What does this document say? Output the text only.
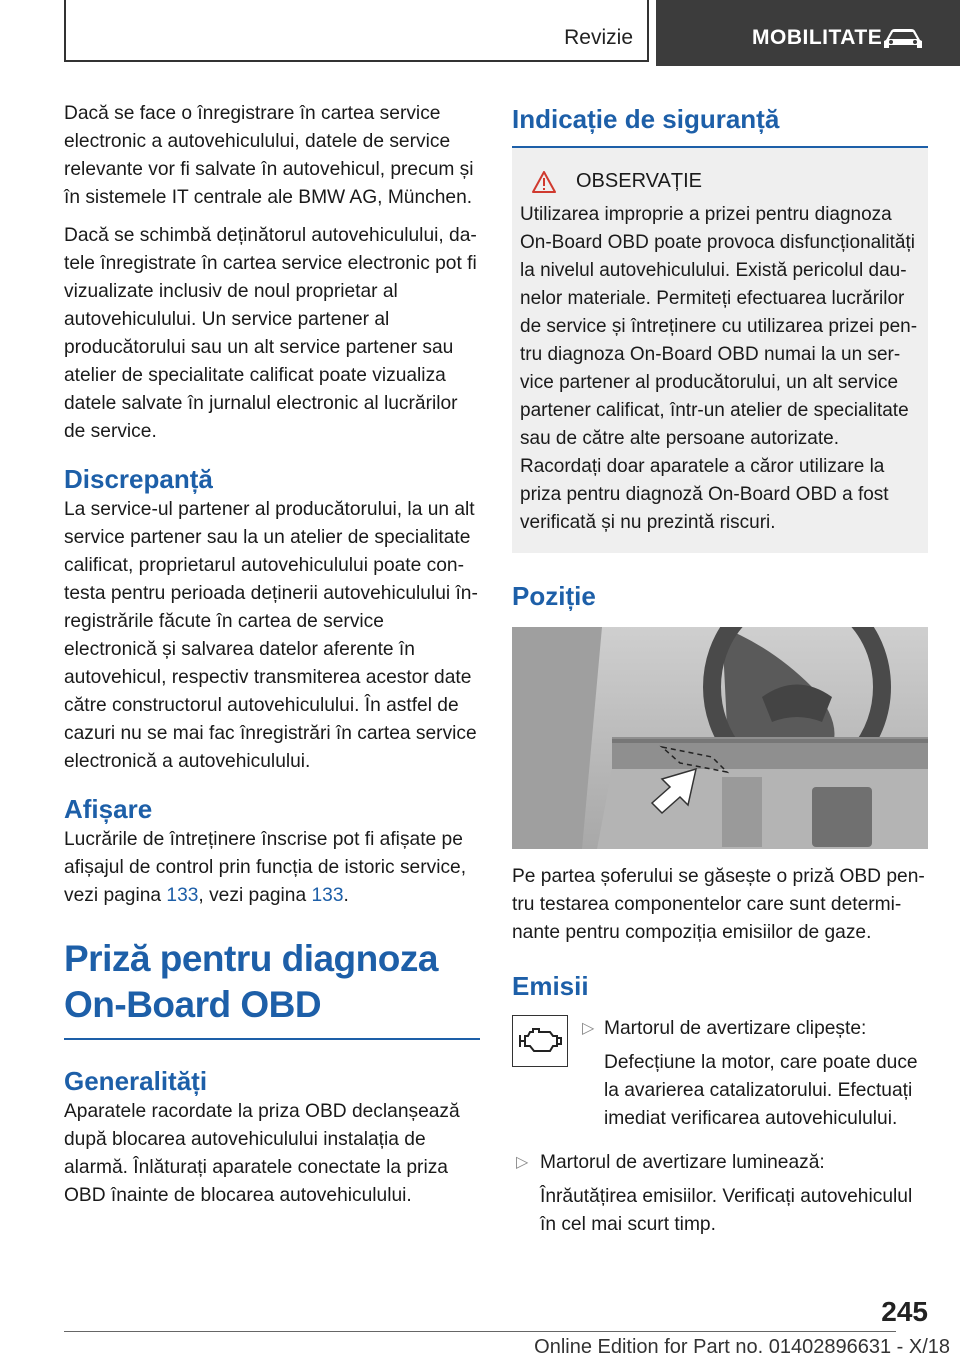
Revizie	MOBILITATE

Dacă se face o înregistrare în cartea service electronic a autovehiculului, datele de service relevante vor fi salvate în autovehicul, precum și în sistemele IT centrale ale BMW AG, München.

Dacă se schimbă deținătorul autovehiculului, datele înregistrate în cartea service electronic pot fi vizualizate inclusiv de noul proprietar al autovehiculului. Un service partener al producătorului sau un alt service partener sau atelier de specialitate calificat poate vizualiza datele salvate în jurnalul electronic al lucrărilor de service.

Discrepanță

La service-ul partener al producătorului, la un alt service partener sau la un atelier de specialitate calificat, proprietarul autovehiculului poate contesta pentru perioada deținerii autovehiculului înregistrările făcute în cartea de service electronică și salvarea datelor aferente în autovehicul, respectiv transmiterea acestor date către constructorul autovehiculului. În astfel de cazuri nu se mai fac înregistrări în cartea service electronică a autovehiculului.

Afișare

Lucrările de întreținere înscrise pot fi afișate pe afișajul de control prin funcția de istoric service, vezi pagina 133, vezi pagina 133.

Priză pentru diagnoza On-Board OBD
Generalități

Aparatele racordate la priza OBD declanșează după blocarea autovehiculului instalația de alarmă. Înlăturați aparatele conectate la priza OBD înainte de blocarea autovehiculului.

Indicație de siguranță
OBSERVAȚIE

Utilizarea improprie a prizei pentru diagnoza On-Board OBD poate provoca disfuncționalități la nivelul autovehiculului. Există pericolul daunelor materiale. Permiteți efectuarea lucrărilor de service și întreținere cu utilizarea prizei pentru diagnoza On-Board OBD numai la un service partener al producătorului, un alt service partener calificat, într-un atelier de specialitate sau de către alte persoane autorizate. Racordați doar aparatele a căror utilizare la priza pentru diagnoză On-Board OBD a fost verificată și nu prezintă riscuri.

Poziție

Pe partea șoferului se găsește o priză OBD pentru testarea componentelor care sunt determinante pentru compoziția emisiilor de gaze.

Emisii
▷ Martorul de avertizare clipește:

Defecțiune la motor, care poate duce la avarierea catalizatorului. Efectuați imediat verificarea autovehiculului.

▷ Martorul de avertizare luminează:

Înrăutățirea emisiilor. Verificați autovehiculul în cel mai scurt timp.

245
Online Edition for Part no. 01402896631 - X/18
